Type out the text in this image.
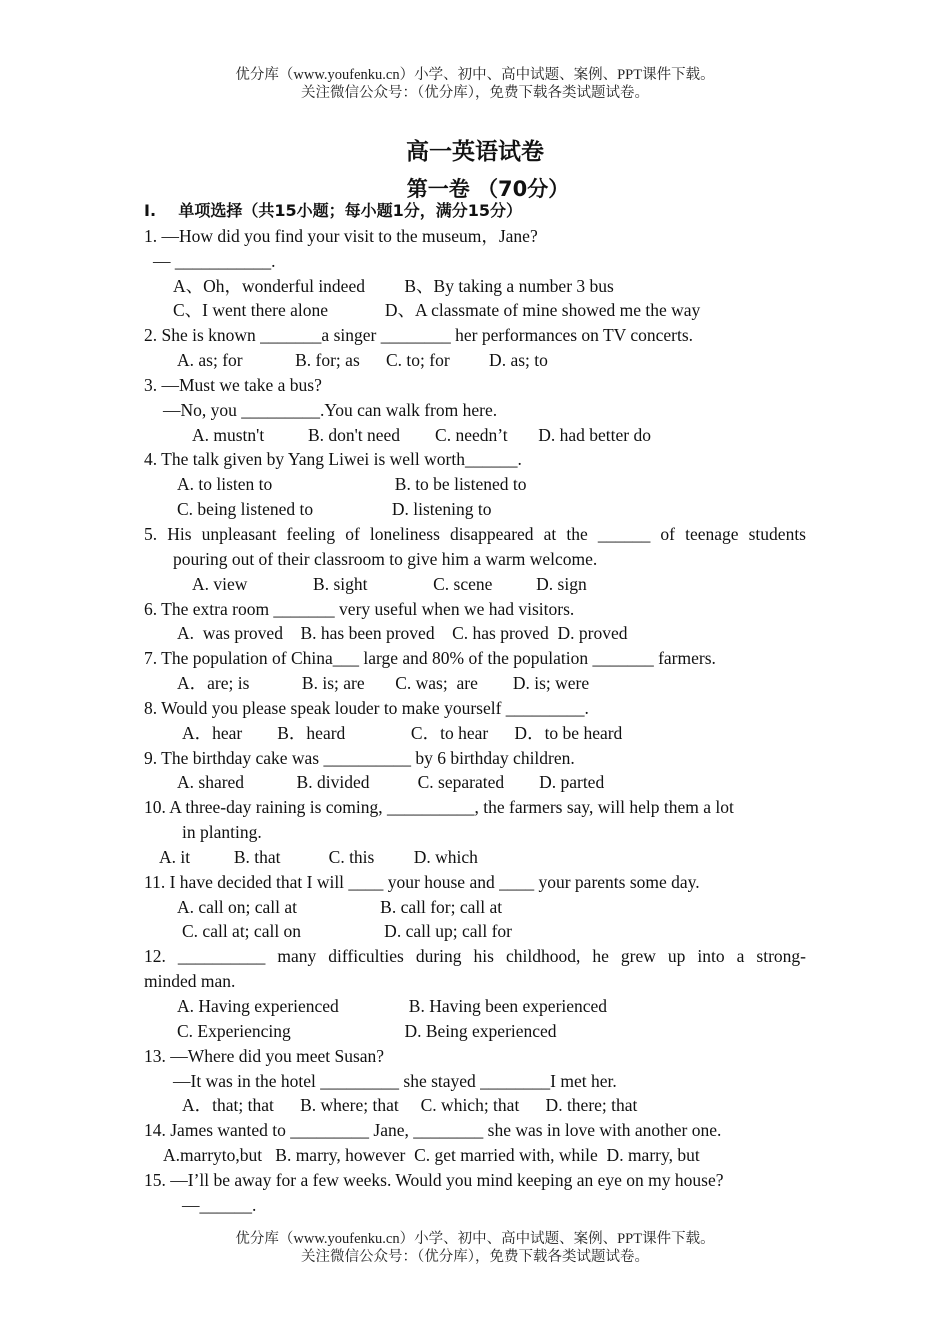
优分库（www.youfenku.cn）小学、初中、高中试题、案例、PPT课件下载。
关注微信公众号：（优分库），免费下载各类试题试卷。
高一英语试卷
第一卷 （70分）
Ⅰ.    单项选择（共15小题；每小题1分，满分15分）
1. —How did you find your visit to the museum，Jane?
— ___________.
A、Oh，wonderful indeed         B、By taking a number 3 bus
C、I went there alone             D、A classmate of mine showed me the way
2. She is known _______a singer ________ her performances on TV concerts.
A. as; for            B. for; as      C. to; for         D. as; to
3. —Must we take a bus?
—No, you _________.You can walk from here.
A. mustn't          B. don't need        C. needn’t       D. had better do
4. The talk given by Yang Liwei is well worth______.
A. to listen to                            B. to be listened to
C. being listened to                  D. listening to
5. His unpleasant feeling of loneliness disappeared at the ______ of teenage students
pouring out of their classroom to give him a warm welcome.
A. view               B. sight               C. scene          D. sign
6. The extra room _______ very useful when we had visitors.
A.  was proved    B. has been proved    C. has proved  D. proved
7. The population of China___ large and 80% of the population _______ farmers.
A．are; is            B. is; are       C. was;  are        D. is; were
8. Would you please speak louder to make yourself _________.
A．hear        B．heard               C．to hear      D．to be heard
9. The birthday cake was __________ by 6 birthday children.
A. shared            B. divided           C. separated        D. parted
10. A three-day raining is coming, __________, the farmers say, will help them a lot
in planting.
A. it          B. that           C. this         D. which
11. I have decided that I will ____ your house and ____ your parents some day.
A. call on; call at                   B. call for; call at
C. call at; call on                   D. call up; call for
12. __________ many difficulties during his childhood, he grew up into a strong-
minded man.
A. Having experienced                B. Having been experienced
C. Experiencing                          D. Being experienced
13. —Where did you meet Susan?
—It was in the hotel _________ she stayed ________I met her.
A．that; that      B. where; that     C. which; that      D. there; that
14. James wanted to _________ Jane, ________ she was in love with another one.
A.marryto,but   B. marry, however  C. get married with, while  D. marry, but
15. —I’ll be away for a few weeks. Would you mind keeping an eye on my house?
—______.
优分库（www.youfenku.cn）小学、初中、高中试题、案例、PPT课件下载。
关注微信公众号：（优分库），免费下载各类试题试卷。
